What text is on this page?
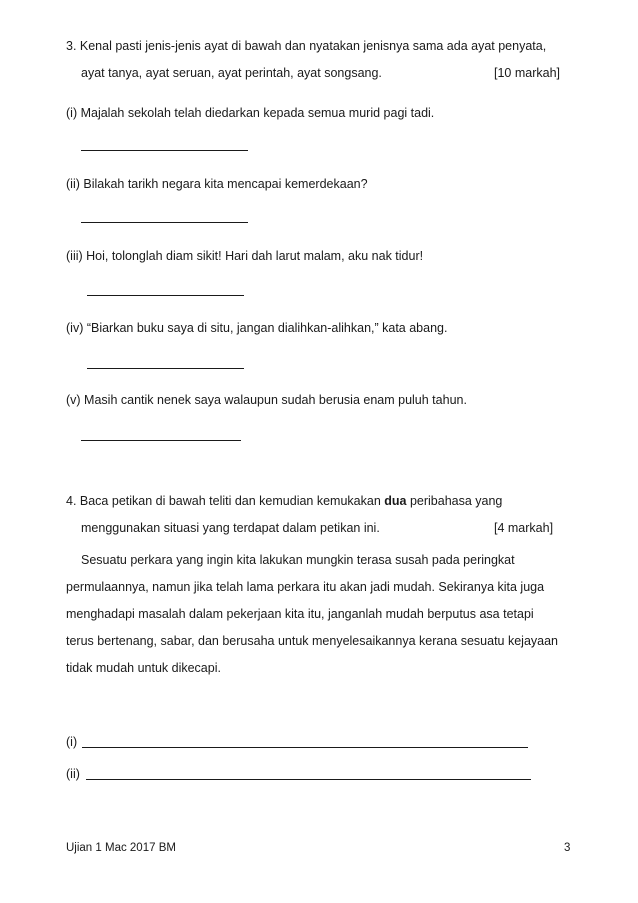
3. Kenal pasti jenis-jenis ayat di bawah dan nyatakan jenisnya sama ada ayat penyata,
ayat tanya, ayat seruan, ayat perintah, ayat songsang.	[10 markah]
(i) Majalah sekolah telah diedarkan kepada semua murid pagi tadi.
(ii) Bilakah tarikh negara kita mencapai kemerdekaan?
(iii) Hoi, tolonglah diam sikit! Hari dah larut malam, aku nak tidur!
(iv) “Biarkan buku saya di situ, jangan dialihkan-alihkan,” kata abang.
(v) Masih cantik nenek saya walaupun sudah berusia enam puluh tahun.
4. Baca petikan di bawah teliti dan kemudian kemukakan dua peribahasa yang
menggunakan situasi yang terdapat dalam petikan ini.	[4 markah]
Sesuatu perkara yang ingin kita lakukan mungkin terasa susah pada peringkat
permulaannya, namun jika telah lama perkara itu akan jadi mudah. Sekiranya kita juga
menghadapi masalah dalam pekerjaan kita itu, janganlah mudah berputus asa tetapi
terus bertenang, sabar, dan berusaha untuk menyelesaikannya kerana sesuatu kejayaan
tidak mudah untuk dikecapi.
(i)
(ii)
Ujian 1 Mac 2017 BM	3
